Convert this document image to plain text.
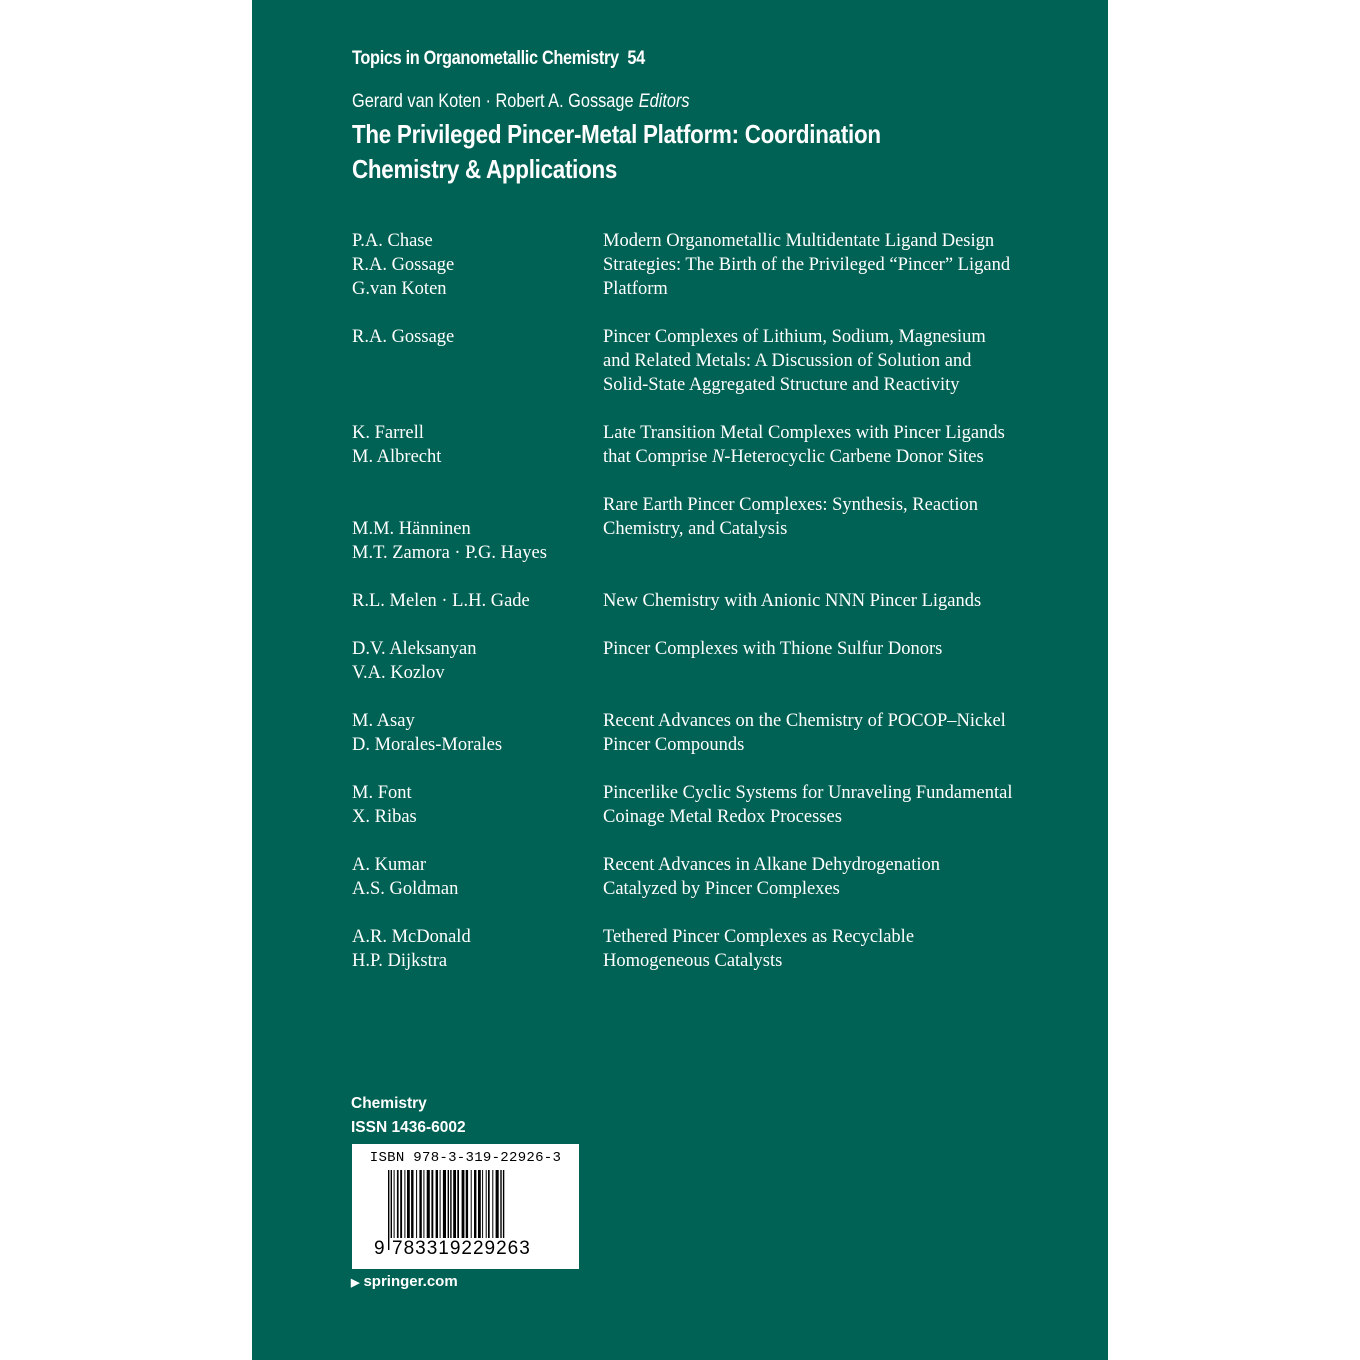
Topics in Organometallic Chemistry 54
Gerard van Koten · Robert A. Gossage Editors
The Privileged Pincer-Metal Platform: Coordination
Chemistry & Applications
P.A. Chase
R.A. Gossage
G.van Koten
Modern Organometallic Multidentate Ligand Design
Strategies: The Birth of the Privileged “Pincer” Ligand
Platform
R.A. Gossage	Pincer Complexes of Lithium, Sodium, Magnesium
and Related Metals: A Discussion of Solution and
Solid-State Aggregated Structure and Reactivity
K. Farrell
M. Albrecht
Late Transition Metal Complexes with Pincer Ligands
that Comprise N-Heterocyclic Carbene Donor Sites
M.M. Hänninen
M.T. Zamora · P.G. Hayes
Rare Earth Pincer Complexes: Synthesis, Reaction
Chemistry, and Catalysis
R.L. Melen · L.H. Gade	New Chemistry with Anionic NNN Pincer Ligands
D.V. Aleksanyan
V.A. Kozlov
Pincer Complexes with Thione Sulfur Donors
M. Asay
D. Morales-Morales
Recent Advances on the Chemistry of POCOP–Nickel
Pincer Compounds
M. Font
X. Ribas
Pincerlike Cyclic Systems for Unraveling Fundamental
Coinage Metal Redox Processes
A. Kumar
A.S. Goldman
Recent Advances in Alkane Dehydrogenation
Catalyzed by Pincer Complexes
A.R. McDonald
H.P. Dijkstra
Tethered Pincer Complexes as Recyclable
Homogeneous Catalysts
Chemistry
ISSN 1436-6002
ISBN 978-3-319-22926-3
9 783319229263
▶ springer.com
